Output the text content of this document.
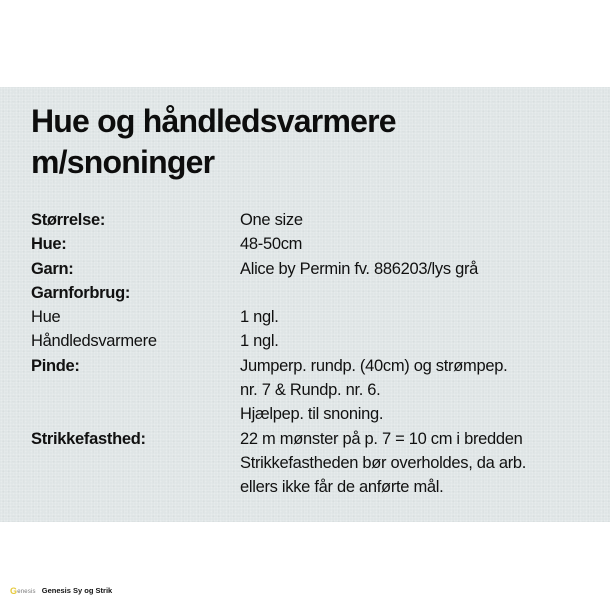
Hue og håndledsvarmere
m/snoninger
Størrelse:	One size
Hue:	48-50cm
Garn:	Alice by Permin fv. 886203/lys grå
Garnforbrug:
Hue	1 ngl.
Håndledsvarmere	1 ngl.
Pinde:	Jumperp. rundp. (40cm) og strømpep.
nr. 7 & Rundp. nr. 6.
Hjælpep. til snoning.
Strikkefasthed:	22 m mønster på p. 7 = 10 cm i bredden
Strikkefastheden bør overholdes, da arb.
ellers ikke får de anførte mål.
G enesis Genesis Sy og Strik
